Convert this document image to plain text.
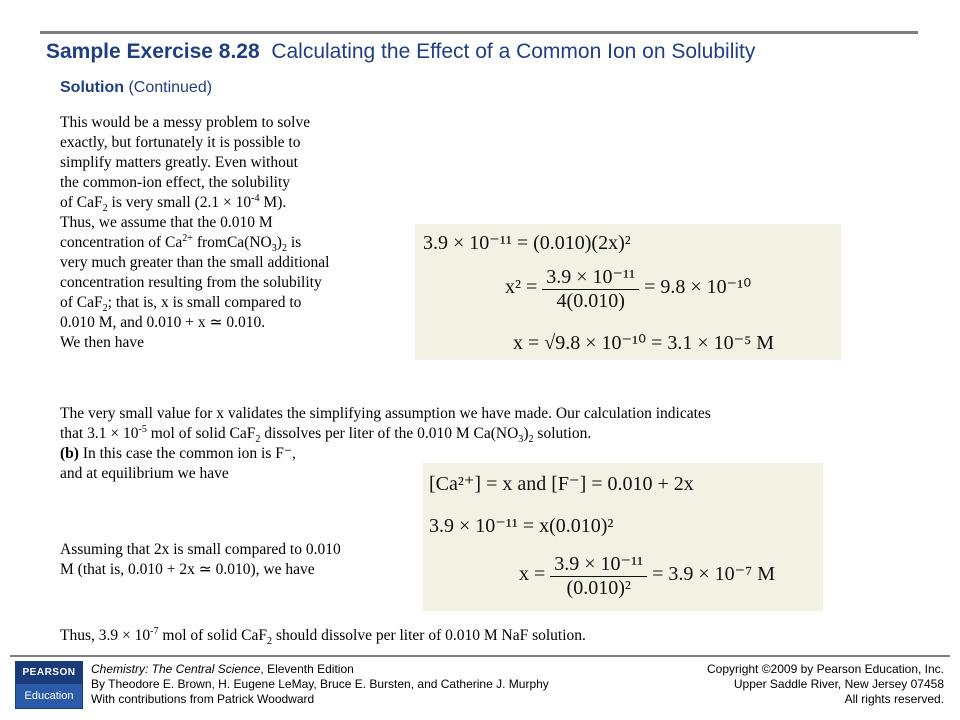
Sample Exercise 8.28 Calculating the Effect of a Common Ion on Solubility
Solution (Continued)
This would be a messy problem to solve
exactly, but fortunately it is possible to
simplify matters greatly. Even without
the common-ion effect, the solubility
of CaF$_2$ is very small ($2.1 \times 10^{-4}$ M).
Thus, we assume that the 0.010 M
concentration of $Ca^{2+}$ $fromCa(NO_3)_2$ is
very much greater than the small additional
concentration resulting from the solubility
of CaF$_2$; that is, x is small compared to
0.010 M, and 0.010 + x ≃ 0.010.
We then have
3.9 × 10⁻¹¹ = (0.010)(2x)²
$x^2 = \frac{\text{3.9 × 10⁻¹¹}}{4(0.010)} = 9.8 \times 10^{-10}$
x = √9.8 × 10⁻¹⁰ = 3.1 × 10⁻⁵ M
The very small value for x validates the simplifying assumption we have made. Our calculation indicates
that $3.1 \times 10^{-5}$ mol of solid CaF$_2$ dissolves per liter of the 0.010 M $Ca(NO_3)_2$ solution.
(b) In this case the common ion is F⁻,
and at equilibrium we have	[Ca²⁺] = x and [F⁻] = 0.010 + 2x
3.9 × 10⁻¹¹ = x(0.010)²
$x = \frac{\text{3.9 × 10⁻¹¹}}{\text{(0.010)²}} = 3.9 \times 10^{-7}$ M
Assuming that 2x is small compared to 0.010
M (that is, 0.010 + 2x ≃ 0.010), we have
Thus, $3.9 \times 10^{-7}$ mol of solid CaF$_2$ should dissolve per liter of 0.010 M NaF solution.
PEARSON
Education
Chemistry: The Central Science, Eleventh Edition
By Theodore E. Brown, H. Eugene LeMay, Bruce E. Bursten, and Catherine J. Murphy
With contributions from Patrick Woodward
Copyright ©2009 by Pearson Education, Inc.
Upper Saddle River, New Jersey 07458
All rights reserved.
